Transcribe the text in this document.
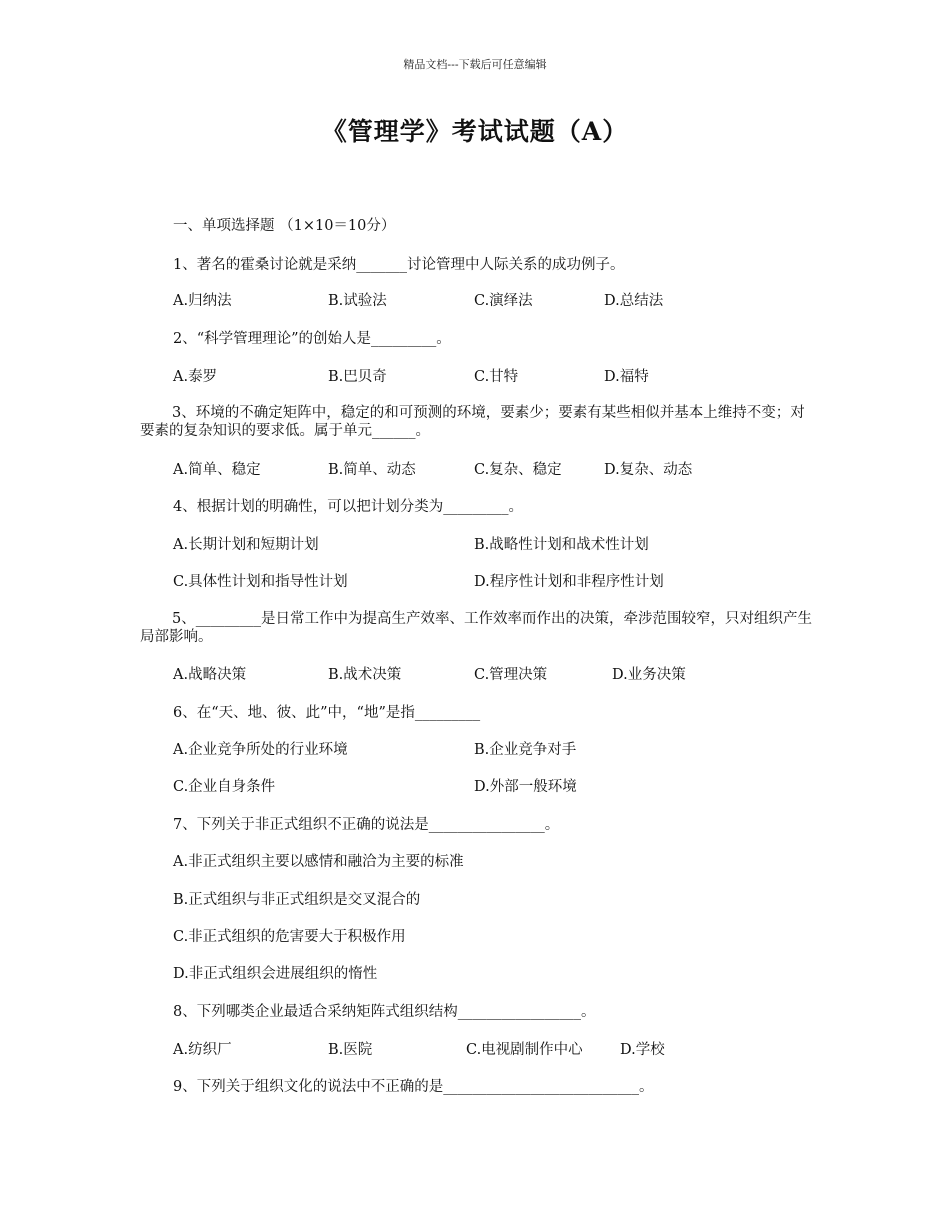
精品文档---下载后可任意编辑
《管理学》考试试题（A）
一、单项选择题 （1×10＝10分）
1、著名的霍桑讨论就是采纳_______讨论管理中人际关系的成功例子。
A.归纳法	B.试验法	C.演绎法	D.总结法
2、“科学管理理论”的创始人是_________。
A.泰罗	B.巴贝奇	C.甘特	D.福特
3、环境的不确定矩阵中，稳定的和可预测的环境，要素少；要素有某些相似并基本上维持不变；对要素的复杂知识的要求低。属于单元______。
A.简单、稳定	B.简单、动态	C.复杂、稳定	D.复杂、动态
4、根据计划的明确性，可以把计划分类为_________。
A.长期计划和短期计划	B.战略性计划和战术性计划
C.具体性计划和指导性计划	D.程序性计划和非程序性计划
5、_________是日常工作中为提高生产效率、工作效率而作出的决策，牵涉范围较窄，只对组织产生局部影响。
A.战略决策	B.战术决策	C.管理决策	D.业务决策
6、在“天、地、彼、此”中，“地”是指_________
A.企业竞争所处的行业环境	B.企业竞争对手
C.企业自身条件	D.外部一般环境
7、下列关于非正式组织不正确的说法是________________。
A.非正式组织主要以感情和融洽为主要的标准
B.正式组织与非正式组织是交叉混合的
C.非正式组织的危害要大于积极作用
D.非正式组织会进展组织的惰性
8、下列哪类企业最适合采纳矩阵式组织结构_________________。
A.纺织厂	B.医院	C.电视剧制作中心	D.学校
9、下列关于组织文化的说法中不正确的是___________________________。
